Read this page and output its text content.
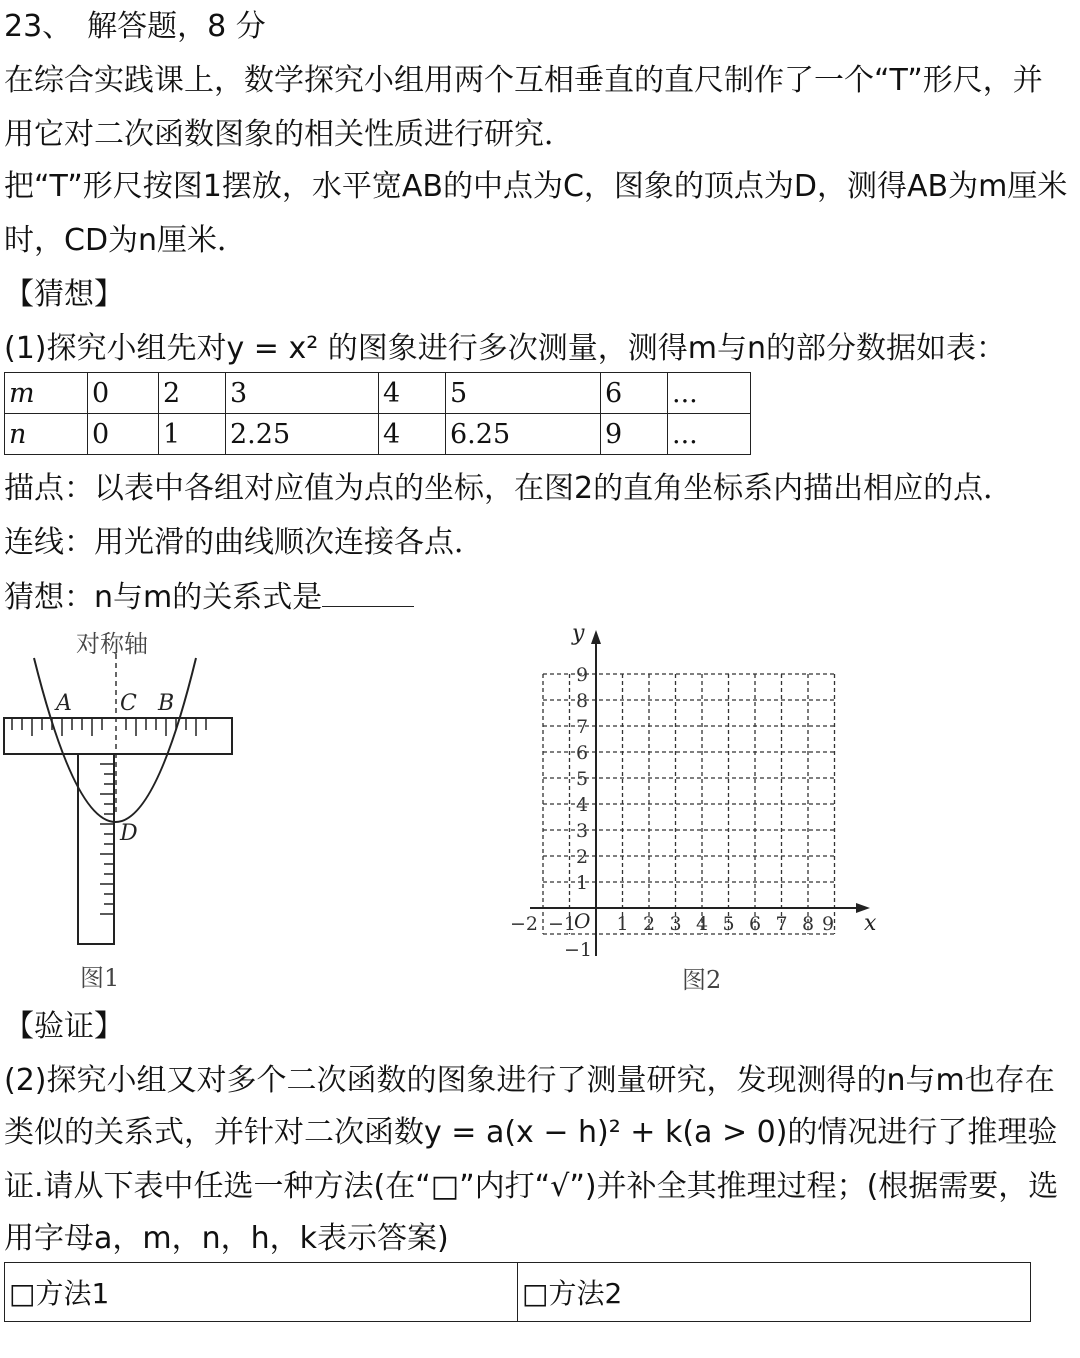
23、　解答题，8 分
在综合实践课上，数学探究小组用两个互相垂直的直尺制作了一个“T”形尺，并
用它对二次函数图象的相关性质进行研究．
把“T”形尺按图1摆放，水平宽AB的中点为C，图象的顶点为D，测得AB为m厘米
时，CD为n厘米．
【猜想】
(1)探究小组先对y = x² 的图象进行多次测量，测得m与n的部分数据如表：
m	0	2	3	4	5	6	...
n	0	1	2.25	4	6.25	9	...
描点：以表中各组对应值为点的坐标，在图2的直角坐标系内描出相应的点．
连线：用光滑的曲线顺次连接各点．
猜想：n与m的关系式是
对称轴
A C B
D
图1
y
x
O
1
2
3
4
5
6
7
8
9
1 2 3 4 5 6 7 8 9
−2 −1
−1
图2
【验证】
(2)探究小组又对多个二次函数的图象进行了测量研究，发现测得的n与m也存在
类似的关系式，并针对二次函数y = a(x − h)² + k(a > 0)的情况进行了推理验
证.请从下表中任选一种方法(在“□”内打“√”)并补全其推理过程；(根据需要，选
用字母a，m，n，h，k表示答案)
□方法1	□方法2
